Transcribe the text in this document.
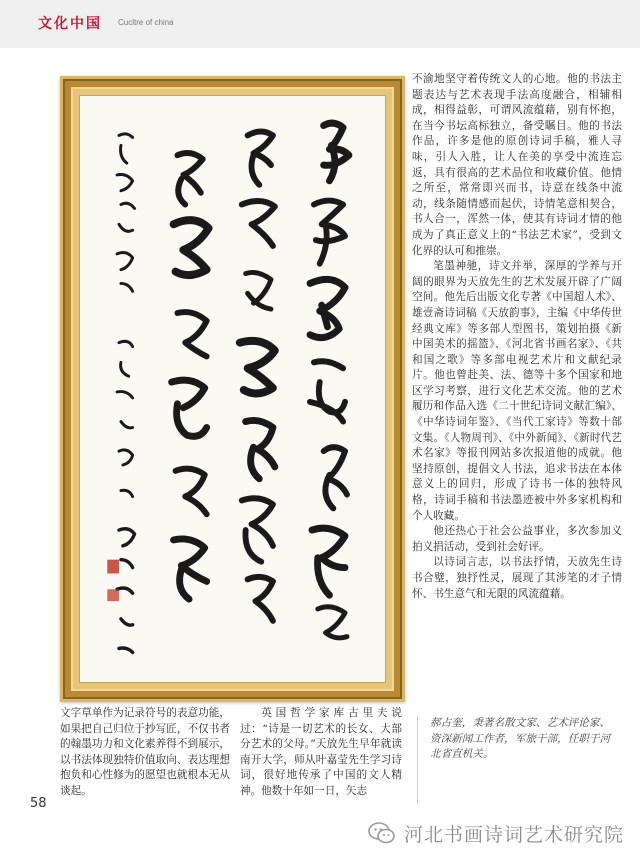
文化中国 Cucltre of china

不渝地坚守着传统文人的心地。他的书法主题表达与艺术表现手法高度融合，相辅相成，相得益彰，可谓风流蕴藉，别有怀抱，在当今书坛高标独立，备受瞩目。他的书法作品，许多是他的原创诗词手稿，雅人寻味，引人入胜，让人在美的享受中流连忘返，具有很高的艺术品位和收藏价值。他情之所至，常常即兴而书，诗意在线条中流动，线条随情感而起伏，诗情笔意相契合，书人合一，浑然一体，使其有诗词才情的他成为了真正意义上的“书法艺术家”，受到文化界的认可和推崇。

笔墨神驰，诗文并举，深厚的学养与开阔的眼界为天放先生的艺术发展开辟了广阔空间。他先后出版文化专著《中国超人术》、雄壹斋诗词稿《天放韵事》，主编《中华传世经典文库》等多部人型图书，策划拍摄《新中国美术的摇篮》、《河北省书画名家》、《共和国之歌》等多部电视艺术片和文献纪录片。他也曾赴美、法、德等十多个国家和地区学习考察，进行文化艺术交流。他的艺术履历和作品入选《二十世纪诗词文献汇编》、《中华诗词年鉴》、《当代工家诗》等数十部文集。《人物周刊》、《中外新闻》、《新时代艺术名家》等报刊网站多次报道他的成就。他坚持原创，提倡文人书法，追求书法在本体意义上的回归，形成了诗书一体的独特风格，诗词手稿和书法墨迹被中外多家机构和个人收藏。

他还热心于社会公益事业，多次参加义拍义捐活动，受到社会好评。

以诗词言志，以书法抒情，天放先生诗书合璧，独抒性灵，展现了其涉笔的才子情怀、书生意气和无限的风流蕴藉。

文字草单作为记录符号的表意功能，如果把自己归位于抄写匠，不仅书者的翰墨功力和文化素养得不到展示，以书法体现独特价值取向、表达理想抱负和心性修为的愿望也就根本无从谈起。

英国哲学家库古里夫说过：“诗是一切艺术的长女、大部分艺术的父母。”天放先生早年就读南开大学，师从叶嘉莹先生学习诗词，很好地传承了中国的文人精神。他数十年如一日，矢志

郝占奎，秉著名散文家、艺术评论家、资深新闻工作者，军旅干部，任职于河北省直机关。

58
河北书画诗词艺术研究院
